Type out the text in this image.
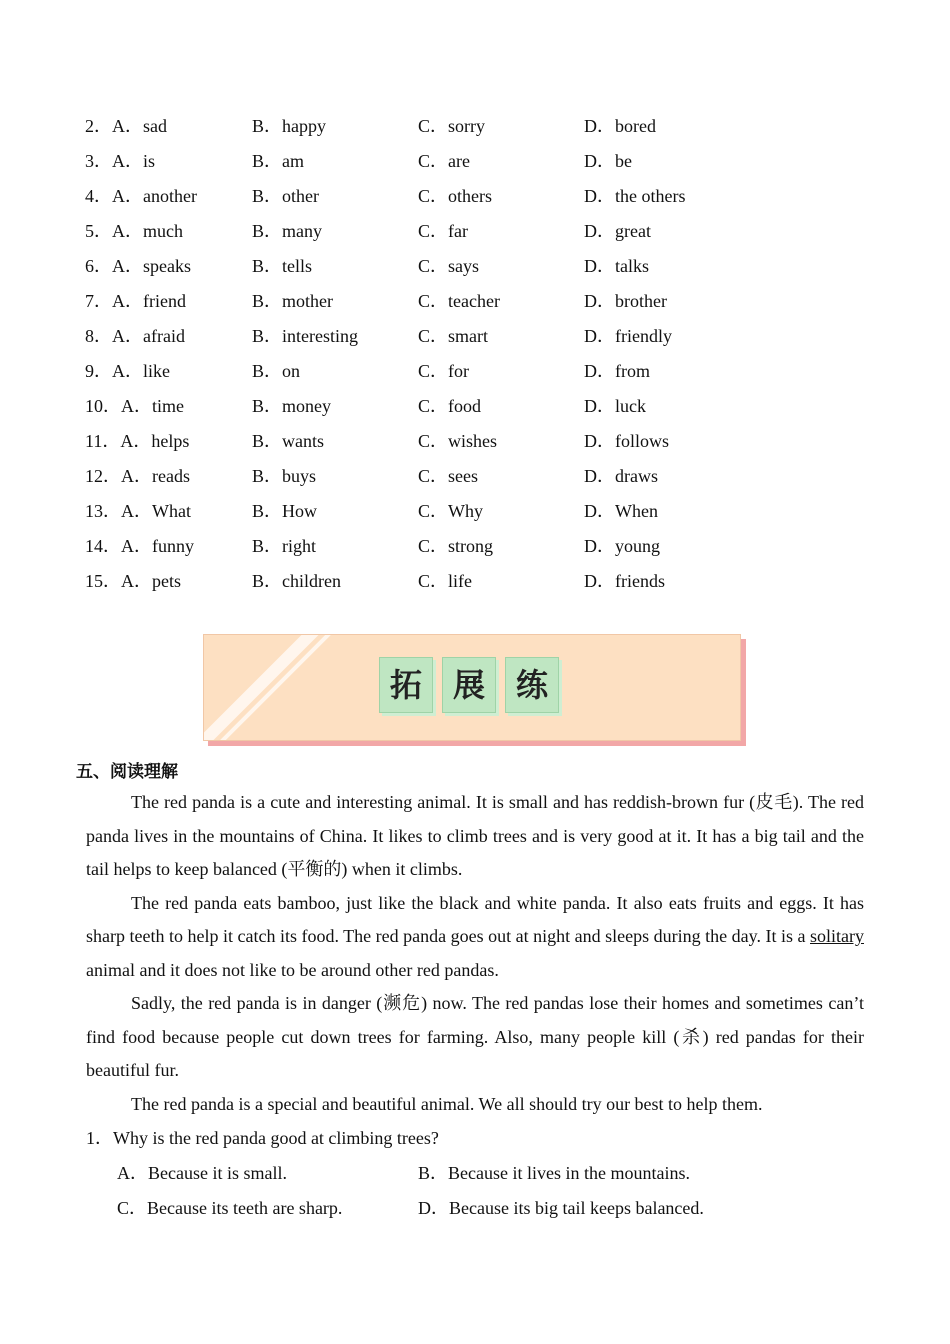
2．A．sad	B．happy	C．sorry	D．bored
3．A．is	B．am	C．are	D．be
4．A．another	B．other	C．others	D．the others
5．A．much	B．many	C．far	D．great
6．A．speaks	B．tells	C．says	D．talks
7．A．friend	B．mother	C．teacher	D．brother
8．A．afraid	B．interesting	C．smart	D．friendly
9．A．like	B．on	C．for	D．from
10．A．time	B．money	C．food	D．luck
11．A．helps	B．wants	C．wishes	D．follows
12．A．reads	B．buys	C．sees	D．draws
13．A．What	B．How	C．Why	D．When
14．A．funny	B．right	C．strong	D．young
15．A．pets	B．children	C．life	D．friends
拓 展 练
五、阅读理解

The red panda is a cute and interesting animal. It is small and has reddish-brown fur (皮毛). The red panda lives in the mountains of China. It likes to climb trees and is very good at it. It has a big tail and the tail helps to keep balanced (平衡的) when it climbs.

The red panda eats bamboo, just like the black and white panda. It also eats fruits and eggs. It has sharp teeth to help it catch its food. The red panda goes out at night and sleeps during the day. It is a solitary animal and it does not like to be around other red pandas.

Sadly, the red panda is in danger (濒危) now. The red pandas lose their homes and sometimes can’t find food because people cut down trees for farming. Also, many people kill (杀) red pandas for their beautiful fur.

The red panda is a special and beautiful animal. We all should try our best to help them.

1．Why is the red panda good at climbing trees?
A．Because it is small.	B．Because it lives in the mountains.
C．Because its teeth are sharp.	D．Because its big tail keeps balanced.
